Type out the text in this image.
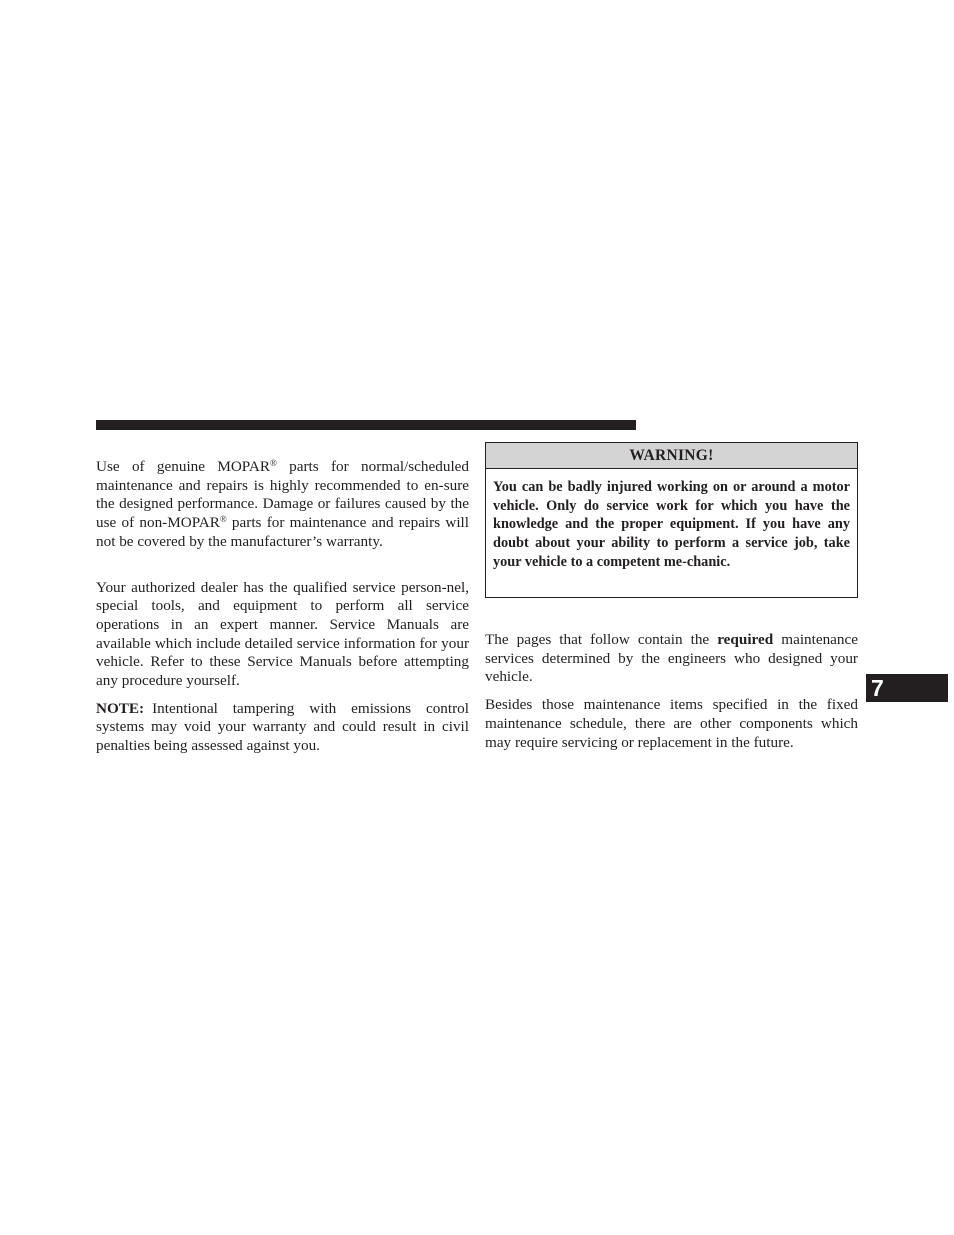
Use of genuine MOPAR® parts for normal/scheduled maintenance and repairs is highly recommended to en-sure the designed performance. Damage or failures caused by the use of non-MOPAR® parts for maintenance and repairs will not be covered by the manufacturer’s warranty.

Your authorized dealer has the qualified service person-nel, special tools, and equipment to perform all service operations in an expert manner. Service Manuals are available which include detailed service information for your vehicle. Refer to these Service Manuals before attempting any procedure yourself.

NOTE: Intentional tampering with emissions control systems may void your warranty and could result in civil penalties being assessed against you.

WARNING!

You can be badly injured working on or around a motor vehicle. Only do service work for which you have the knowledge and the proper equipment. If you have any doubt about your ability to perform a service job, take your vehicle to a competent me-chanic.

The pages that follow contain the required maintenance services determined by the engineers who designed your vehicle.

Besides those maintenance items specified in the fixed maintenance schedule, there are other components which may require servicing or replacement in the future.

7
